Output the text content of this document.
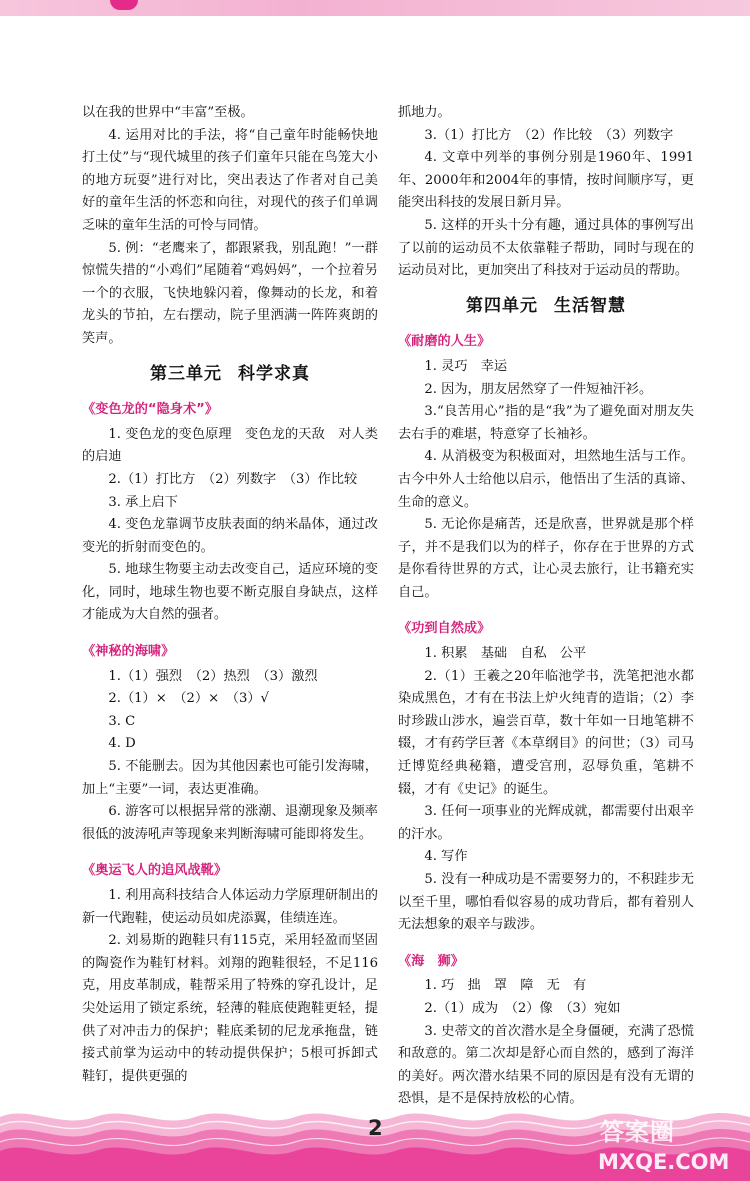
以在我的世界中“丰富”至极。

4. 运用对比的手法，将“自己童年时能畅快地打土仗”与“现代城里的孩子们童年只能在鸟笼大小的地方玩耍”进行对比，突出表达了作者对自己美好的童年生活的怀恋和向往，对现代的孩子们单调乏味的童年生活的可怜与同情。

5. 例：“老鹰来了，都跟紧我，别乱跑！”一群惊慌失措的“小鸡们”尾随着“鸡妈妈”，一个拉着另一个的衣服，飞快地躲闪着，像舞动的长龙，和着龙头的节拍，左右摆动，院子里洒满一阵阵爽朗的笑声。

第三单元 科学求真
《变色龙的“隐身术”》

1. 变色龙的变色原理　变色龙的天敌　对人类的启迪

2.（1）打比方　（2）列数字　（3）作比较

3. 承上启下

4. 变色龙靠调节皮肤表面的纳米晶体，通过改变光的折射而变色的。

5. 地球生物要主动去改变自己，适应环境的变化，同时，地球生物也要不断克服自身缺点，这样才能成为大自然的强者。

《神秘的海啸》

1.（1）强烈　（2）热烈　（3）激烈

2.（1）×　（2）×　（3）√

3. C

4. D

5. 不能删去。因为其他因素也可能引发海啸，加上“主要”一词，表达更准确。

6. 游客可以根据异常的涨潮、退潮现象及频率很低的波涛吼声等现象来判断海啸可能即将发生。

《奥运飞人的追风战靴》

1. 利用高科技结合人体运动力学原理研制出的新一代跑鞋，使运动员如虎添翼，佳绩连连。

2. 刘易斯的跑鞋只有115克，采用轻盈而坚固的陶瓷作为鞋钉材料。刘翔的跑鞋很轻，不足116克，用皮革制成，鞋帮采用了特殊的穿孔设计，足尖处运用了锁定系统，轻薄的鞋底使跑鞋更轻，提供了对冲击力的保护；鞋底柔韧的尼龙承拖盘，链接式前掌为运动中的转动提供保护；5根可拆卸式鞋钉，提供更强的

抓地力。

3.（1）打比方　（2）作比较　（3）列数字

4. 文章中列举的事例分别是1960年、1991年、2000年和2004年的事情，按时间顺序写，更能突出科技的发展日新月异。

5. 这样的开头十分有趣，通过具体的事例写出了以前的运动员不太依靠鞋子帮助，同时与现在的运动员对比，更加突出了科技对于运动员的帮助。

第四单元 生活智慧
《耐磨的人生》

1. 灵巧　幸运

2. 因为，朋友居然穿了一件短袖汗衫。

3.“良苦用心”指的是“我”为了避免面对朋友失去右手的难堪，特意穿了长袖衫。

4. 从消极变为积极面对，坦然地生活与工作。古今中外人士给他以启示，他悟出了生活的真谛、生命的意义。

5. 无论你是痛苦，还是欣喜，世界就是那个样子，并不是我们以为的样子，你存在于世界的方式是你看待世界的方式，让心灵去旅行，让书籍充实自己。

《功到自然成》

1. 积累　基础　自私　公平

2.（1）王羲之20年临池学书，洗笔把池水都染成黑色，才有在书法上炉火纯青的造诣；（2）李时珍跋山涉水，遍尝百草，数十年如一日地笔耕不辍，才有药学巨著《本草纲目》的问世；（3）司马迁博览经典秘籍，遭受宫刑，忍辱负重，笔耕不辍，才有《史记》的诞生。

3. 任何一项事业的光辉成就，都需要付出艰辛的汗水。

4. 写作

5. 没有一种成功是不需要努力的，不积跬步无以至千里，哪怕看似容易的成功背后，都有着别人无法想象的艰辛与跋涉。

《海　狮》

1. 巧　拙　罩　障　无　有

2.（1）成为　（2）像　（3）宛如

3. 史蒂文的首次潜水是全身僵硬，充满了恐慌和敌意的。第二次却是舒心而自然的，感到了海洋的美好。两次潜水结果不同的原因是有没有无谓的恐惧，是不是保持放松的心情。

2	答案圈
MXQE.COM
